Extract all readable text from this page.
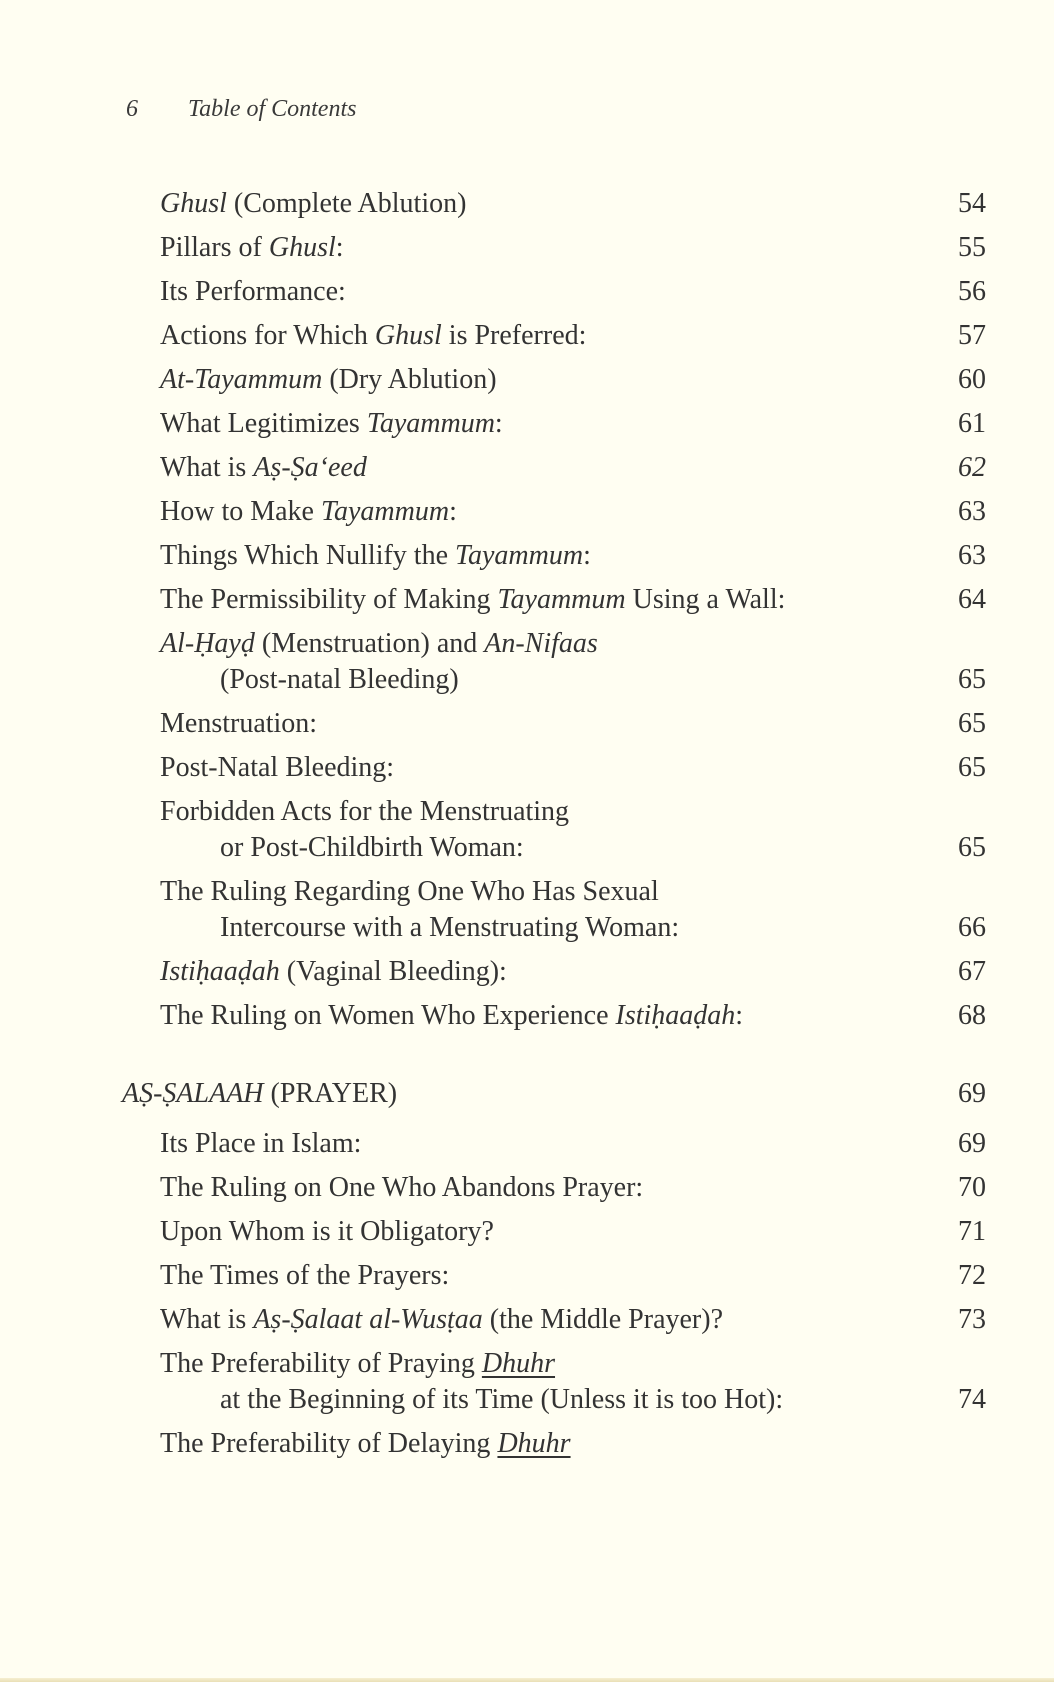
6 Table of Contents
Ghusl (Complete Ablution)	54
Pillars of Ghusl:	55
Its Performance:	56
Actions for Which Ghusl is Preferred:	57
At-Tayammum (Dry Ablution)	60
What Legitimizes Tayammum:	61
What is Aṣ-Ṣa‘eed	62
How to Make Tayammum:	63
Things Which Nullify the Tayammum:	63
The Permissibility of Making Tayammum Using a Wall:	64
Al-Ḥayḍ (Menstruation) and An-Nifaas
(Post-natal Bleeding)	65
Menstruation:	65
Post-Natal Bleeding:	65
Forbidden Acts for the Menstruating
or Post-Childbirth Woman:	65
The Ruling Regarding One Who Has Sexual
Intercourse with a Menstruating Woman:	66
Istiḥaaḍah (Vaginal Bleeding):	67
The Ruling on Women Who Experience Istiḥaaḍah:	68
AṢ-ṢALAAH (PRAYER)	69
Its Place in Islam:	69
The Ruling on One Who Abandons Prayer:	70
Upon Whom is it Obligatory?	71
The Times of the Prayers:	72
What is Aṣ-Ṣalaat al-Wusṭaa (the Middle Prayer)?	73
The Preferability of Praying Dhuhr
at the Beginning of its Time (Unless it is too Hot):	74
The Preferability of Delaying Dhuhr
